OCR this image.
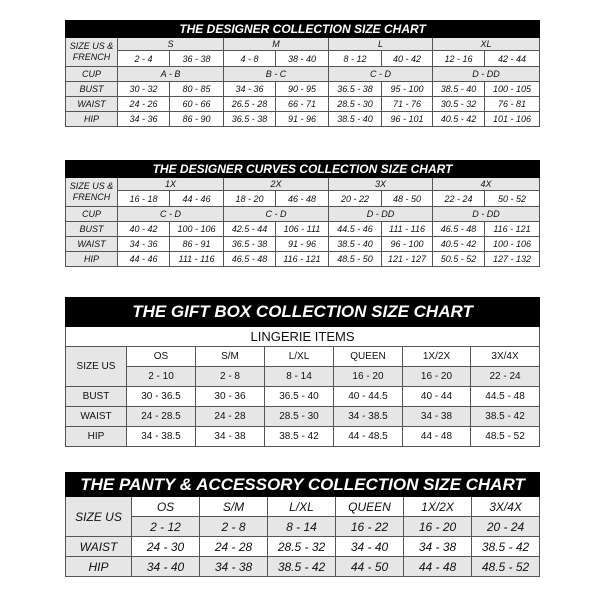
THE DESIGNER COLLECTION SIZE CHART								

SIZE US & FRENCH	S		M		L		XL	
	2 - 4	36 - 38	4 - 8	38 - 40	8 - 12	40 - 42	12 - 16	42 - 44
CUP	A - B		B - C		C - D		D - DD	
BUST	30 - 32	80 - 85	34 - 36	90 - 95	36.5 - 38	95 - 100	38.5 - 40	100 - 105
WAIST	24 - 26	60 - 66	26.5 - 28	66 - 71	28.5 - 30	71 - 76	30.5 - 32	76 - 81
HIP	34 - 36	86 - 90	36.5 - 38	91 - 96	38.5 - 40	96 - 101	40.5 - 42	101 - 106
THE DESIGNER CURVES COLLECTION SIZE CHART								

SIZE US & FRENCH	1X		2X		3X		4X	
	16 - 18	44 - 46	18 - 20	46 - 48	20 - 22	48 - 50	22 - 24	50 - 52
CUP	C - D		C - D		D - DD		D - DD	
BUST	40 - 42	100 - 106	42.5 - 44	106 - 111	44.5 - 46	111 - 116	46.5 - 48	116 - 121
WAIST	34 - 36	86 - 91	36.5 - 38	91 - 96	38.5 - 40	96 - 100	40.5 - 42	100 - 106
HIP	44 - 46	111 - 116	46.5 - 48	116 - 121	48.5 - 50	121 - 127	50.5 - 52	127 - 132
THE GIFT BOX COLLECTION SIZE CHART						
LINGERIE ITEMS						
SIZE US	OS	S/M	L/XL	QUEEN	1X/2X	3X/4X
	2 - 10	2 - 8	8 - 14	16 - 20	16 - 20	22 - 24
BUST	30 - 36.5	30 - 36	36.5 - 40	40 - 44.5	40 - 44	44.5 - 48
WAIST	24 - 28.5	24 - 28	28.5 - 30	34 - 38.5	34 - 38	38.5 - 42
HIP	34 - 38.5	34 - 38	38.5 - 42	44 - 48.5	44 - 48	48.5 - 52
THE PANTY & ACCESSORY COLLECTION SIZE CHART						
SIZE US	OS	S/M	L/XL	QUEEN	1X/2X	3X/4X
	2 - 12	2 - 8	8 - 14	16 - 22	16 - 20	20 - 24
WAIST	24 - 30	24 - 28	28.5 - 32	34 - 40	34 - 38	38.5 - 42
HIP	34 - 40	34 - 38	38.5 - 42	44 - 50	44 - 48	48.5 - 52
